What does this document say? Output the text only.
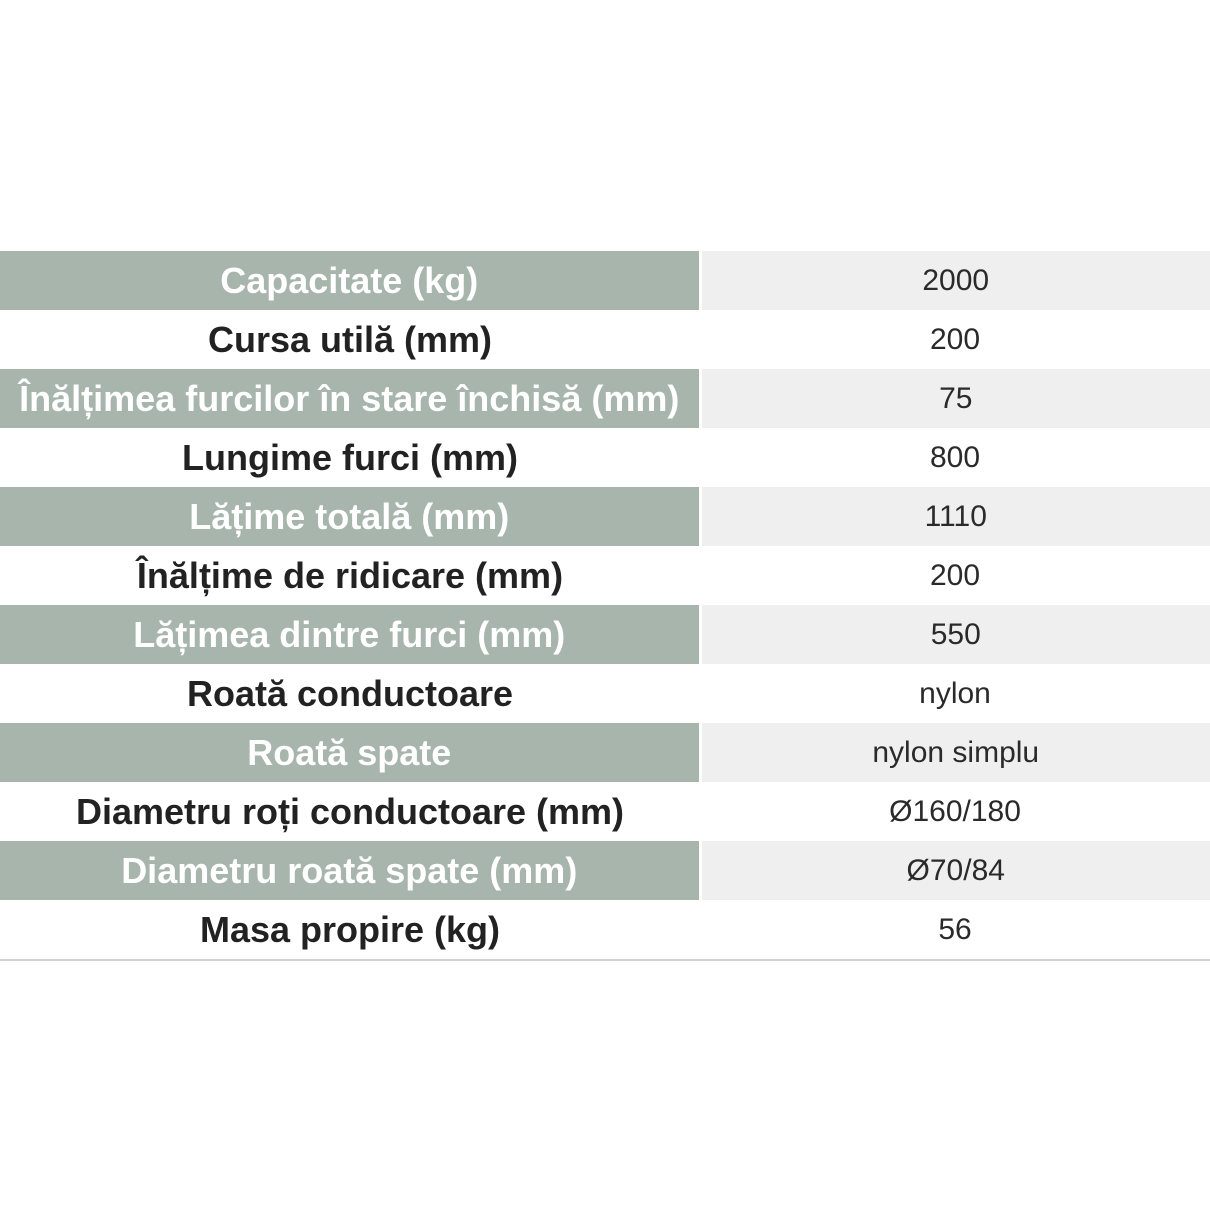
Capacitate (kg)	2000
Cursa utilă (mm)	200
Înălțimea furcilor în stare închisă (mm)	75
Lungime furci (mm)	800
Lățime totală (mm)	1110
Înălțime de ridicare (mm)	200
Lățimea dintre furci (mm)	550
Roată conductoare	nylon
Roată spate	nylon simplu
Diametru roți conductoare (mm)	Ø160/180
Diametru roată spate (mm)	Ø70/84
Masa propire (kg)	56
